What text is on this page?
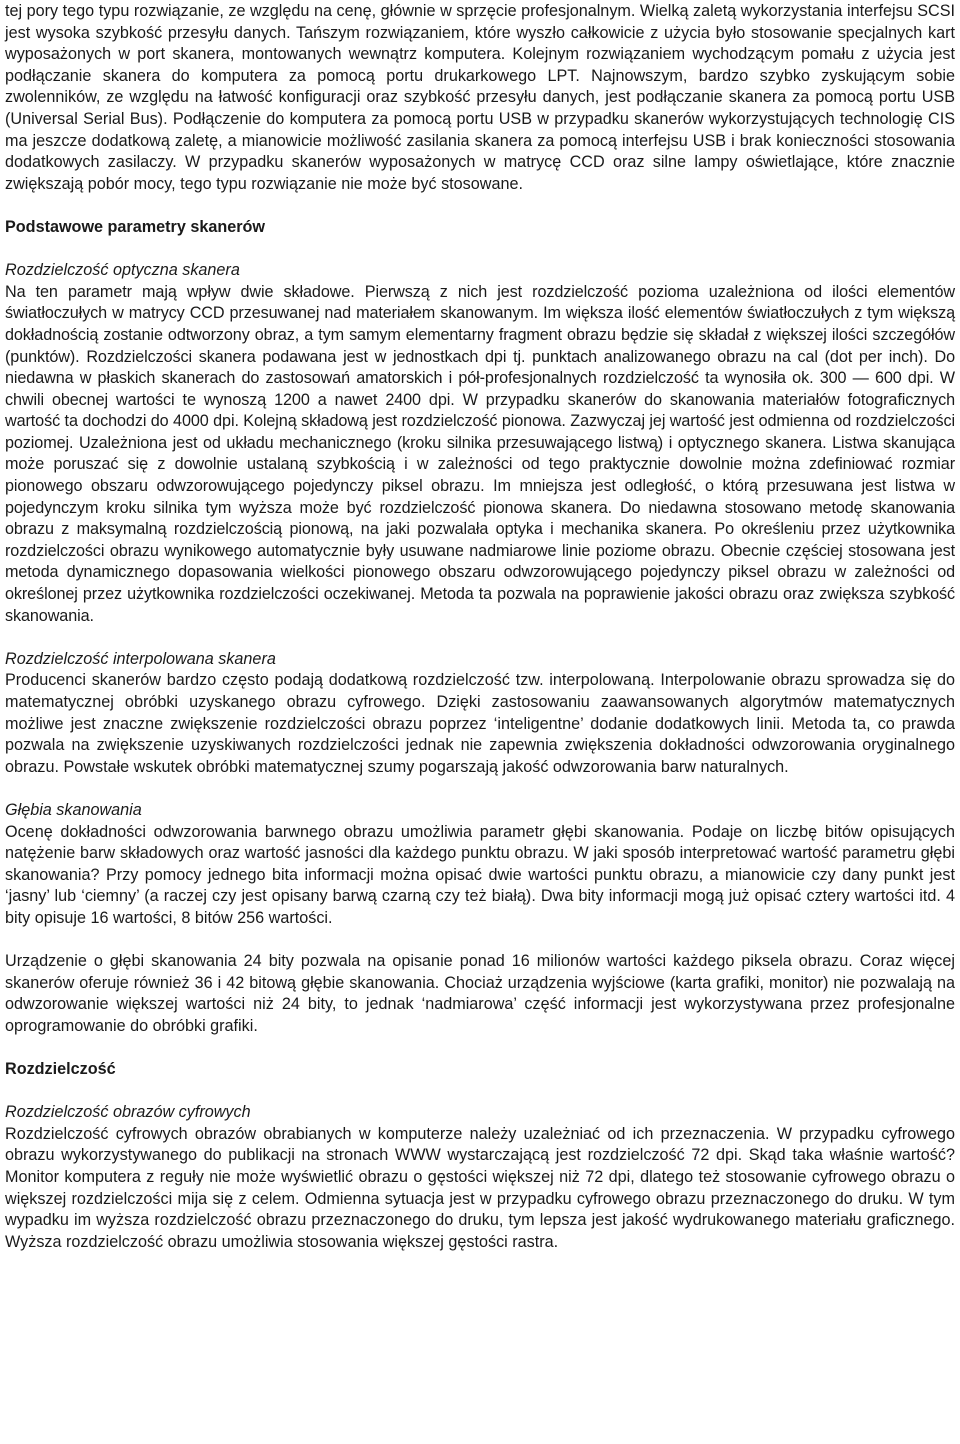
tej pory tego typu rozwiązanie, ze względu na cenę, głównie w sprzęcie profesjonalnym. Wielką zaletą wykorzystania interfejsu SCSI jest wysoka szybkość przesyłu danych. Tańszym rozwiązaniem, które wyszło całkowicie z użycia było stosowanie specjalnych kart wyposażonych w port skanera, montowanych wewnątrz komputera. Kolejnym rozwiązaniem wychodzącym pomału z użycia jest podłączanie skanera do komputera za pomocą portu drukarkowego LPT. Najnowszym, bardzo szybko zyskującym sobie zwolenników, ze względu na łatwość konfiguracji oraz szybkość przesyłu danych, jest podłączanie skanera za pomocą portu USB (Universal Serial Bus). Podłączenie do komputera za pomocą portu USB w przypadku skanerów wykorzystujących technologię CIS ma jeszcze dodatkową zaletę, a mianowicie możliwość zasilania skanera za pomocą interfejsu USB i brak konieczności stosowania dodatkowych zasilaczy. W przypadku skanerów wyposażonych w matrycę CCD oraz silne lampy oświetlające, które znacznie zwiększają pobór mocy, tego typu rozwiązanie nie może być stosowane.

Podstawowe parametry skanerów

Rozdzielczość optyczna skanera

Na ten parametr mają wpływ dwie składowe. Pierwszą z nich jest rozdzielczość pozioma uzależniona od ilości elementów światłoczułych w matrycy CCD przesuwanej nad materiałem skanowanym. Im większa ilość elementów światłoczułych z tym większą dokładnością zostanie odtworzony obraz, a tym samym elementarny fragment obrazu będzie się składał z większej ilości szczegółów (punktów). Rozdzielczości skanera podawana jest w jednostkach dpi tj. punktach analizowanego obrazu na cal (dot per inch). Do niedawna w płaskich skanerach do zastosowań amatorskich i pół-profesjonalnych rozdzielczość ta wynosiła ok. 300 — 600 dpi. W chwili obecnej wartości te wynoszą 1200 a nawet 2400 dpi. W przypadku skanerów do skanowania materiałów fotograficznych wartość ta dochodzi do 4000 dpi. Kolejną składową jest rozdzielczość pionowa. Zazwyczaj jej wartość jest odmienna od rozdzielczości poziomej. Uzależniona jest od układu mechanicznego (kroku silnika przesuwającego listwą) i optycznego skanera. Listwa skanująca może poruszać się z dowolnie ustalaną szybkością i w zależności od tego praktycznie dowolnie można zdefiniować rozmiar pionowego obszaru odwzorowującego pojedynczy piksel obrazu. Im mniejsza jest odległość, o którą przesuwana jest listwa w pojedynczym kroku silnika tym wyższa może być rozdzielczość pionowa skanera. Do niedawna stosowano metodę skanowania obrazu z maksymalną rozdzielczością pionową, na jaki pozwalała optyka i mechanika skanera. Po określeniu przez użytkownika rozdzielczości obrazu wynikowego automatycznie były usuwane nadmiarowe linie poziome obrazu. Obecnie częściej stosowana jest metoda dynamicznego dopasowania wielkości pionowego obszaru odwzorowującego pojedynczy piksel obrazu w zależności od określonej przez użytkownika rozdzielczości oczekiwanej. Metoda ta pozwala na poprawienie jakości obrazu oraz zwiększa szybkość skanowania.

Rozdzielczość interpolowana skanera

Producenci skanerów bardzo często podają dodatkową rozdzielczość tzw. interpolowaną. Interpolowanie obrazu sprowadza się do matematycznej obróbki uzyskanego obrazu cyfrowego. Dzięki zastosowaniu zaawansowanych algorytmów matematycznych możliwe jest znaczne zwiększenie rozdzielczości obrazu poprzez ‘inteligentne’ dodanie dodatkowych linii. Metoda ta, co prawda pozwala na zwiększenie uzyskiwanych rozdzielczości jednak nie zapewnia zwiększenia dokładności odwzorowania oryginalnego obrazu. Powstałe wskutek obróbki matematycznej szumy pogarszają jakość odwzorowania barw naturalnych.

Głębia skanowania

Ocenę dokładności odwzorowania barwnego obrazu umożliwia parametr głębi skanowania. Podaje on liczbę bitów opisujących natężenie barw składowych oraz wartość jasności dla każdego punktu obrazu. W jaki sposób interpretować wartość parametru głębi skanowania? Przy pomocy jednego bita informacji można opisać dwie wartości punktu obrazu, a mianowicie czy dany punkt jest ‘jasny’ lub ‘ciemny’ (a raczej czy jest opisany barwą czarną czy też białą). Dwa bity informacji mogą już opisać cztery wartości itd. 4 bity opisuje 16 wartości, 8 bitów 256 wartości.

Urządzenie o głębi skanowania 24 bity pozwala na opisanie ponad 16 milionów wartości każdego piksela obrazu. Coraz więcej skanerów oferuje również 36 i 42 bitową głębie skanowania. Chociaż urządzenia wyjściowe (karta grafiki, monitor) nie pozwalają na odwzorowanie większej wartości niż 24 bity, to jednak ‘nadmiarowa’ część informacji jest wykorzystywana przez profesjonalne oprogramowanie do obróbki grafiki.

Rozdzielczość

Rozdzielczość obrazów cyfrowych

Rozdzielczość cyfrowych obrazów obrabianych w komputerze należy uzależniać od ich przeznaczenia. W przypadku cyfrowego obrazu wykorzystywanego do publikacji na stronach WWW wystarczającą jest rozdzielczość 72 dpi. Skąd taka właśnie wartość? Monitor komputera z reguły nie może wyświetlić obrazu o gęstości większej niż 72 dpi, dlatego też stosowanie cyfrowego obrazu o większej rozdzielczości mija się z celem. Odmienna sytuacja jest w przypadku cyfrowego obrazu przeznaczonego do druku. W tym wypadku im wyższa rozdzielczość obrazu przeznaczonego do druku, tym lepsza jest jakość wydrukowanego materiału graficznego. Wyższa rozdzielczość obrazu umożliwia stosowania większej gęstości rastra.
